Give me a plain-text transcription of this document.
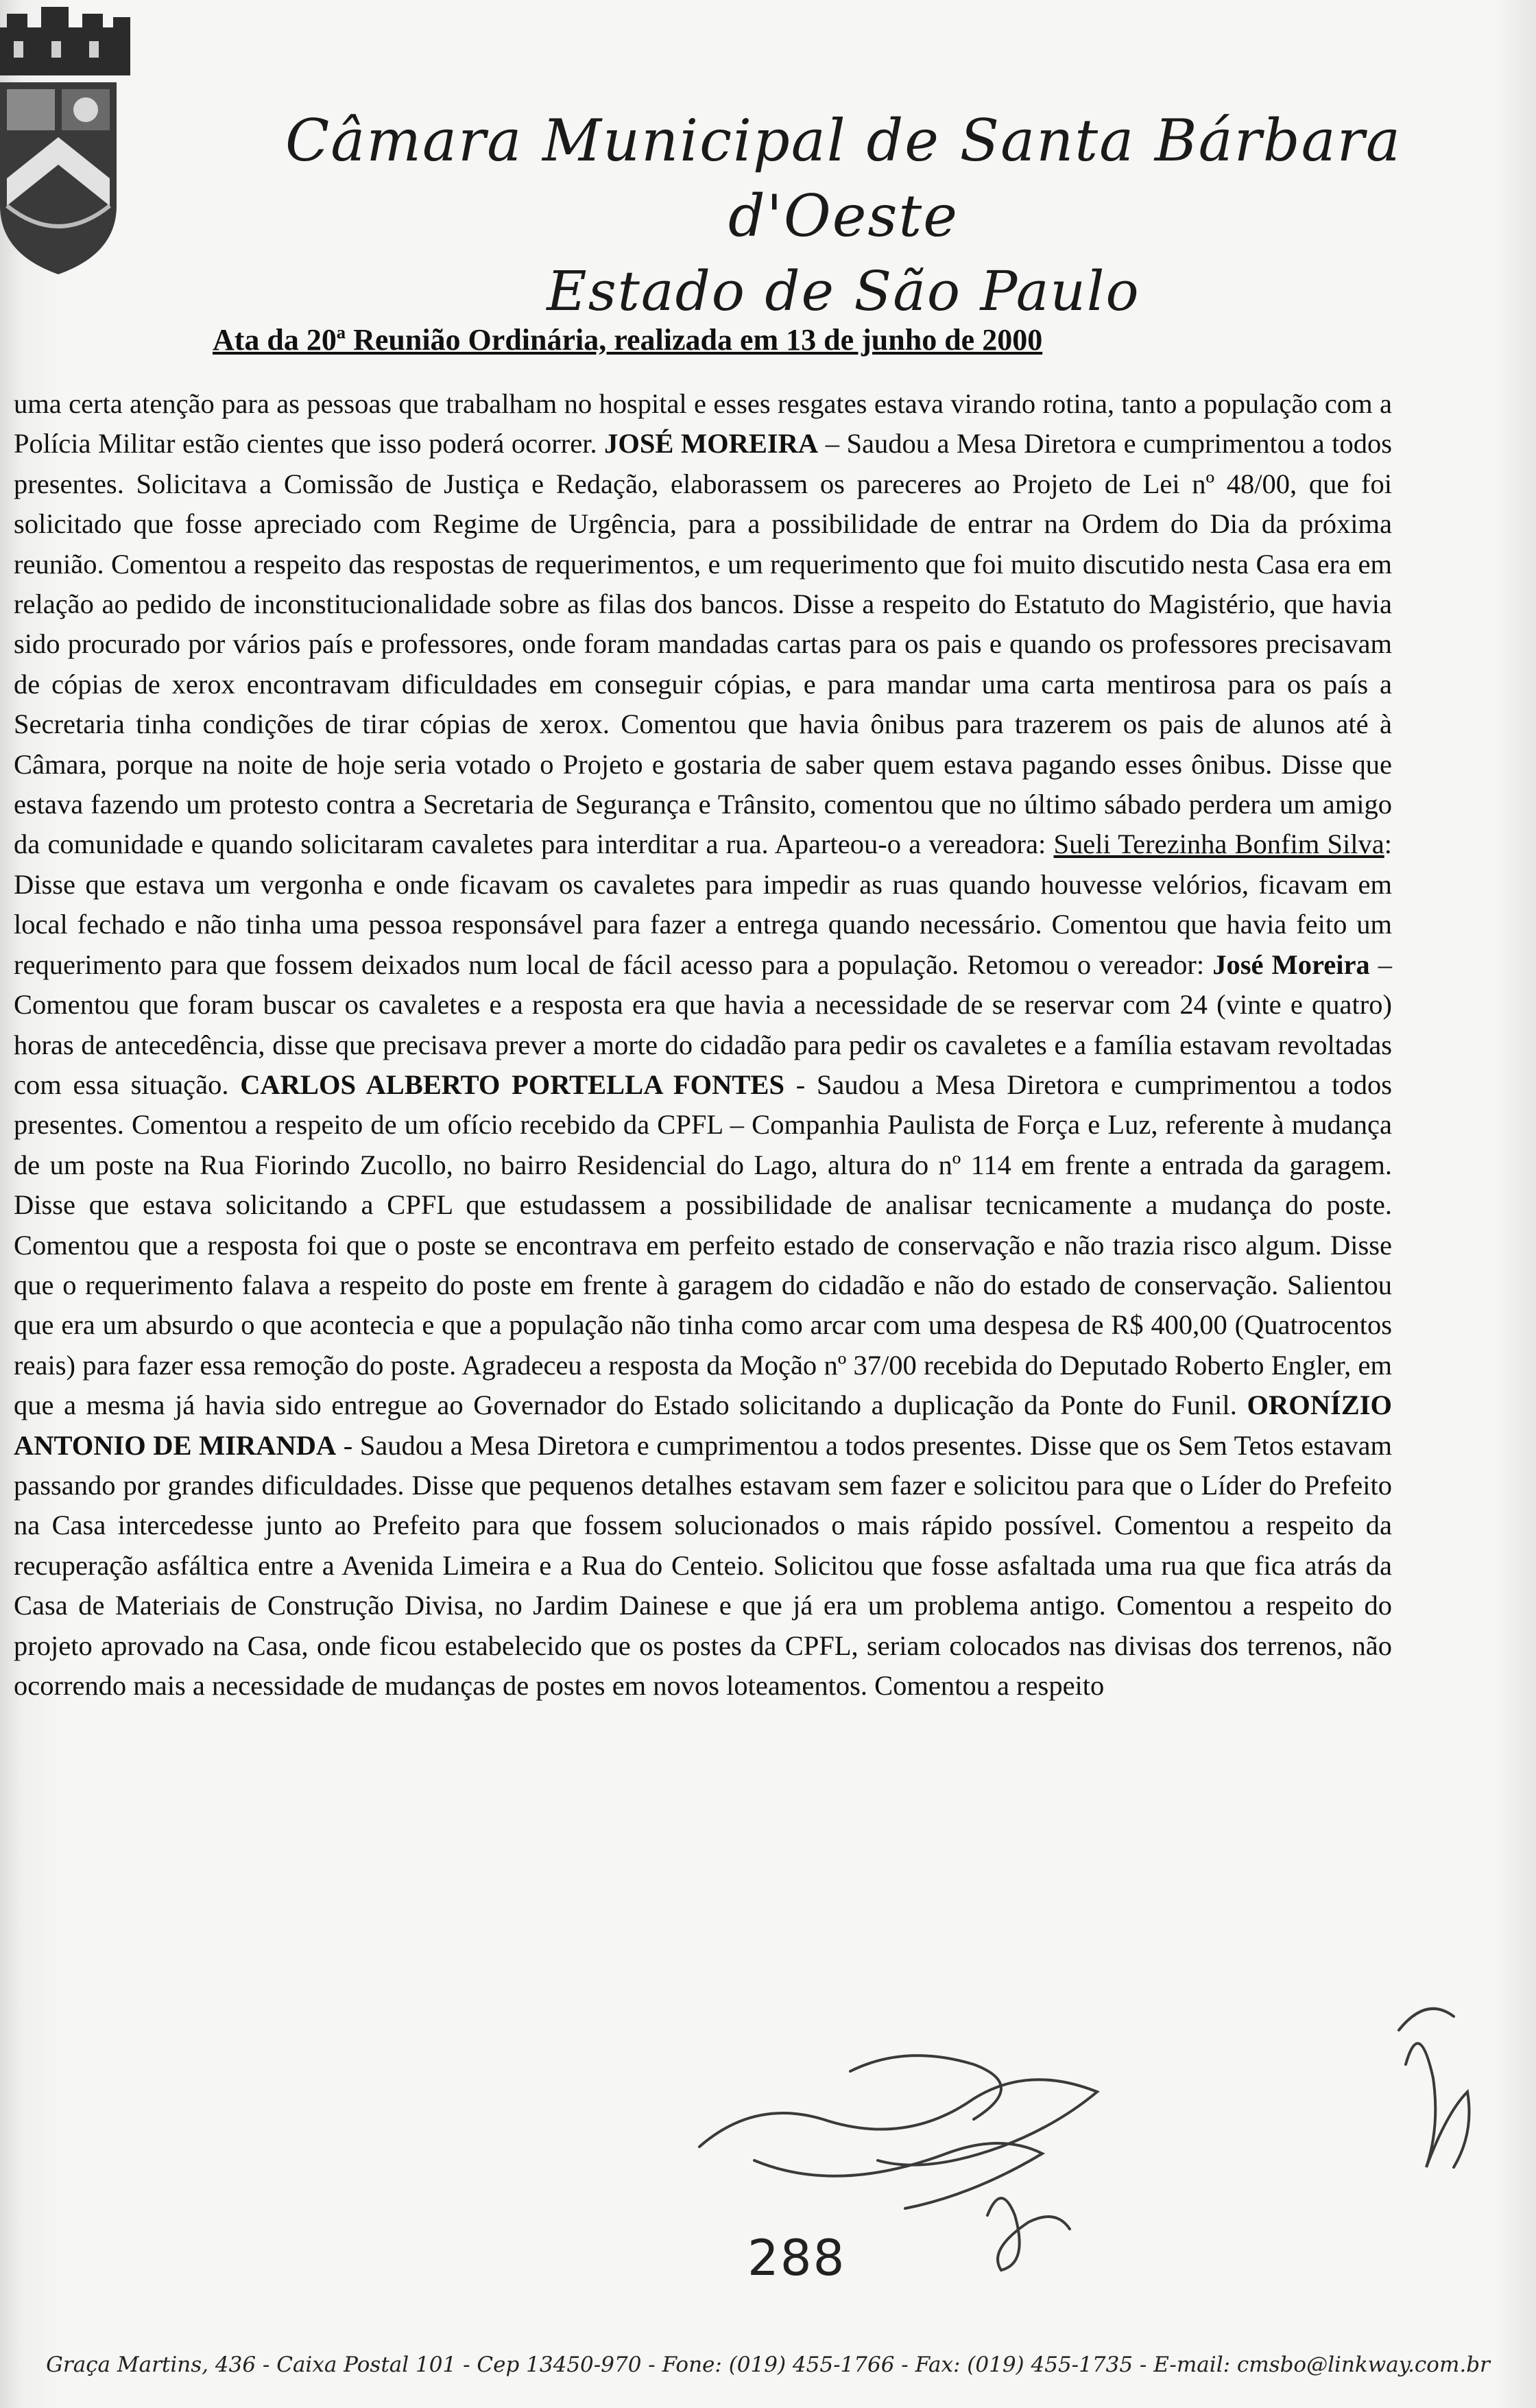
Câmara Municipal de Santa Bárbara d'Oeste
Estado de São Paulo
Ata da 20ª Reunião Ordinária, realizada em 13 de junho de 2000

uma certa atenção para as pessoas que trabalham no hospital e esses resgates estava virando rotina, tanto a população com a Polícia Militar estão cientes que isso poderá ocorrer. JOSÉ MOREIRA – Saudou a Mesa Diretora e cumprimentou a todos presentes. Solicitava a Comissão de Justiça e Redação, elaborassem os pareceres ao Projeto de Lei nº 48/00, que foi solicitado que fosse apreciado com Regime de Urgência, para a possibilidade de entrar na Ordem do Dia da próxima reunião. Comentou a respeito das respostas de requerimentos, e um requerimento que foi muito discutido nesta Casa era em relação ao pedido de inconstitucionalidade sobre as filas dos bancos. Disse a respeito do Estatuto do Magistério, que havia sido procurado por vários país e professores, onde foram mandadas cartas para os pais e quando os professores precisavam de cópias de xerox encontravam dificuldades em conseguir cópias, e para mandar uma carta mentirosa para os país a Secretaria tinha condições de tirar cópias de xerox. Comentou que havia ônibus para trazerem os pais de alunos até à Câmara, porque na noite de hoje seria votado o Projeto e gostaria de saber quem estava pagando esses ônibus. Disse que estava fazendo um protesto contra a Secretaria de Segurança e Trânsito, comentou que no último sábado perdera um amigo da comunidade e quando solicitaram cavaletes para interditar a rua. Aparteou-o a vereadora: Sueli Terezinha Bonfim Silva: Disse que estava um vergonha e onde ficavam os cavaletes para impedir as ruas quando houvesse velórios, ficavam em local fechado e não tinha uma pessoa responsável para fazer a entrega quando necessário. Comentou que havia feito um requerimento para que fossem deixados num local de fácil acesso para a população. Retomou o vereador: José Moreira – Comentou que foram buscar os cavaletes e a resposta era que havia a necessidade de se reservar com 24 (vinte e quatro) horas de antecedência, disse que precisava prever a morte do cidadão para pedir os cavaletes e a família estavam revoltadas com essa situação. CARLOS ALBERTO PORTELLA FONTES - Saudou a Mesa Diretora e cumprimentou a todos presentes. Comentou a respeito de um ofício recebido da CPFL – Companhia Paulista de Força e Luz, referente à mudança de um poste na Rua Fiorindo Zucollo, no bairro Residencial do Lago, altura do nº 114 em frente a entrada da garagem. Disse que estava solicitando a CPFL que estudassem a possibilidade de analisar tecnicamente a mudança do poste. Comentou que a resposta foi que o poste se encontrava em perfeito estado de conservação e não trazia risco algum. Disse que o requerimento falava a respeito do poste em frente à garagem do cidadão e não do estado de conservação. Salientou que era um absurdo o que acontecia e que a população não tinha como arcar com uma despesa de R$ 400,00 (Quatrocentos reais) para fazer essa remoção do poste. Agradeceu a resposta da Moção nº 37/00 recebida do Deputado Roberto Engler, em que a mesma já havia sido entregue ao Governador do Estado solicitando a duplicação da Ponte do Funil. ORONÍZIO ANTONIO DE MIRANDA - Saudou a Mesa Diretora e cumprimentou a todos presentes. Disse que os Sem Tetos estavam passando por grandes dificuldades. Disse que pequenos detalhes estavam sem fazer e solicitou para que o Líder do Prefeito na Casa intercedesse junto ao Prefeito para que fossem solucionados o mais rápido possível. Comentou a respeito da recuperação asfáltica entre a Avenida Limeira e a Rua do Centeio. Solicitou que fosse asfaltada uma rua que fica atrás da Casa de Materiais de Construção Divisa, no Jardim Dainese e que já era um problema antigo. Comentou a respeito do projeto aprovado na Casa, onde ficou estabelecido que os postes da CPFL, seriam colocados nas divisas dos terrenos, não ocorrendo mais a necessidade de mudanças de postes em novos loteamentos. Comentou a respeito

288
Graça Martins, 436 - Caixa Postal 101 - Cep 13450-970 - Fone: (019) 455-1766 - Fax: (019) 455-1735 - E-mail: cmsbo@linkway.com.br
